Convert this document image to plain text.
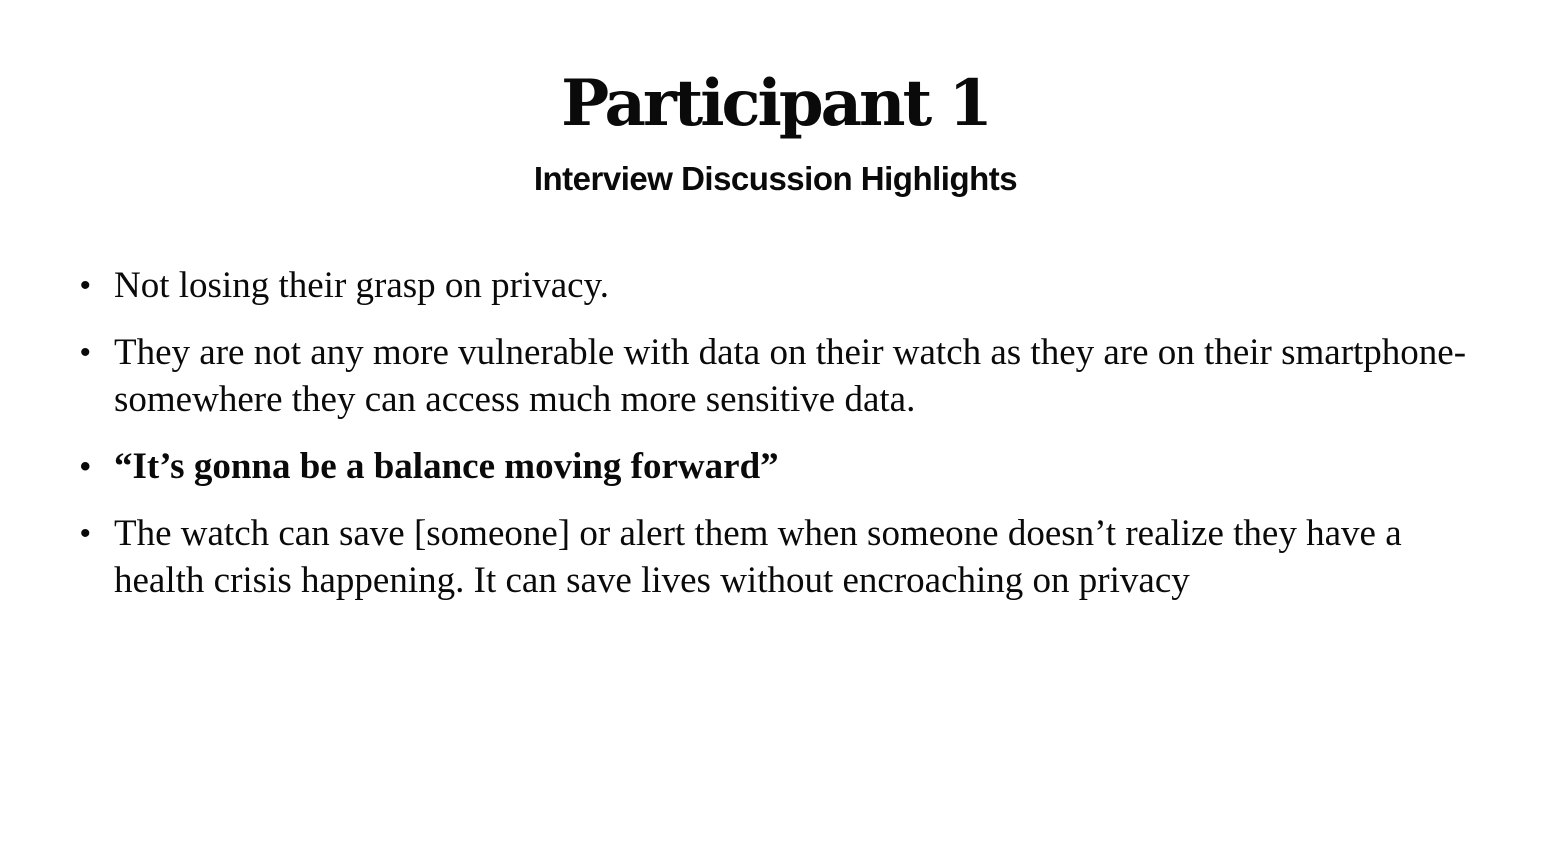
Participant 1
Interview Discussion Highlights
• Not losing their grasp on privacy.
• They are not any more vulnerable with data on their watch as they are on their smartphone- somewhere they can access much more sensitive data.
• “It’s gonna be a balance moving forward”
• The watch can save [someone] or alert them when someone doesn’t realize they have a health crisis happening. It can save lives without encroaching on privacy
